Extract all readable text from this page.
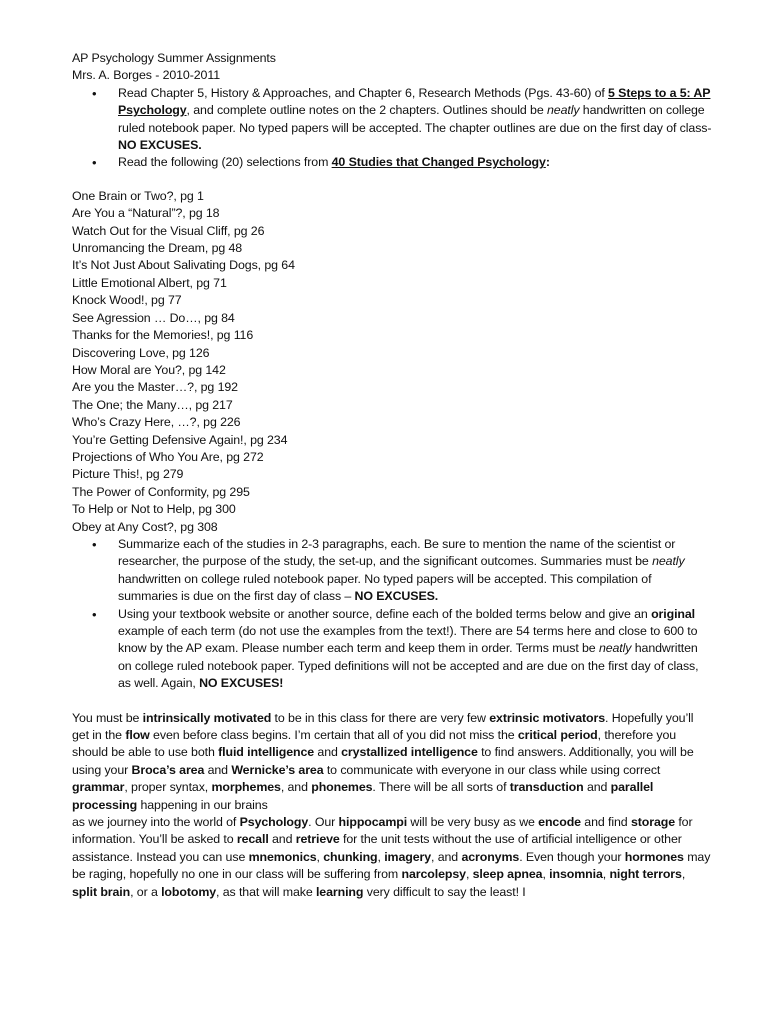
AP Psychology Summer Assignments
Mrs. A. Borges - 2010-2011
• Read Chapter 5, History & Approaches, and Chapter 6, Research Methods (Pgs. 43-60) of 5 Steps to a 5: AP Psychology, and complete outline notes on the 2 chapters. Outlines should be neatly handwritten on college ruled notebook paper. No typed papers will be accepted. The chapter outlines are due on the first day of class- NO EXCUSES.
• Read the following (20) selections from 40 Studies that Changed Psychology:
One Brain or Two?, pg 1
Are You a “Natural”?, pg 18
Watch Out for the Visual Cliff, pg 26
Unromancing the Dream, pg 48
It’s Not Just About Salivating Dogs, pg 64
Little Emotional Albert, pg 71
Knock Wood!, pg 77
See Agression … Do…, pg 84
Thanks for the Memories!, pg 116
Discovering Love, pg 126
How Moral are You?, pg 142
Are you the Master…?, pg 192
The One; the Many…, pg 217
Who’s Crazy Here, …?, pg 226
You’re Getting Defensive Again!, pg 234
Projections of Who You Are, pg 272
Picture This!, pg 279
The Power of Conformity, pg 295
To Help or Not to Help, pg 300
Obey at Any Cost?, pg 308
• Summarize each of the studies in 2-3 paragraphs, each. Be sure to mention the name of the scientist or researcher, the purpose of the study, the set-up, and the significant outcomes. Summaries must be neatly handwritten on college ruled notebook paper. No typed papers will be accepted. This compilation of summaries is due on the first day of class – NO EXCUSES.
• Using your textbook website or another source, define each of the bolded terms below and give an original example of each term (do not use the examples from the text!). There are 54 terms here and close to 600 to know by the AP exam. Please number each term and keep them in order. Terms must be neatly handwritten on college ruled notebook paper. Typed definitions will not be accepted and are due on the first day of class, as well. Again, NO EXCUSES!
You must be intrinsically motivated to be in this class for there are very few extrinsic motivators. Hopefully you’ll get in the flow even before class begins. I’m certain that all of you did not miss the critical period, therefore you should be able to use both fluid intelligence and crystallized intelligence to find answers. Additionally, you will be using your Broca’s area and Wernicke’s area to communicate with everyone in our class while using correct grammar, proper syntax, morphemes, and phonemes. There will be all sorts of transduction and parallel processing happening in our brains
as we journey into the world of Psychology. Our hippocampi will be very busy as we encode and find storage for information. You’ll be asked to recall and retrieve for the unit tests without the use of artificial intelligence or other assistance. Instead you can use mnemonics, chunking, imagery, and acronyms. Even though your hormones may be raging, hopefully no one in our class will be suffering from narcolepsy, sleep apnea, insomnia, night terrors, split brain, or a lobotomy, as that will make learning very difficult to say the least! I
